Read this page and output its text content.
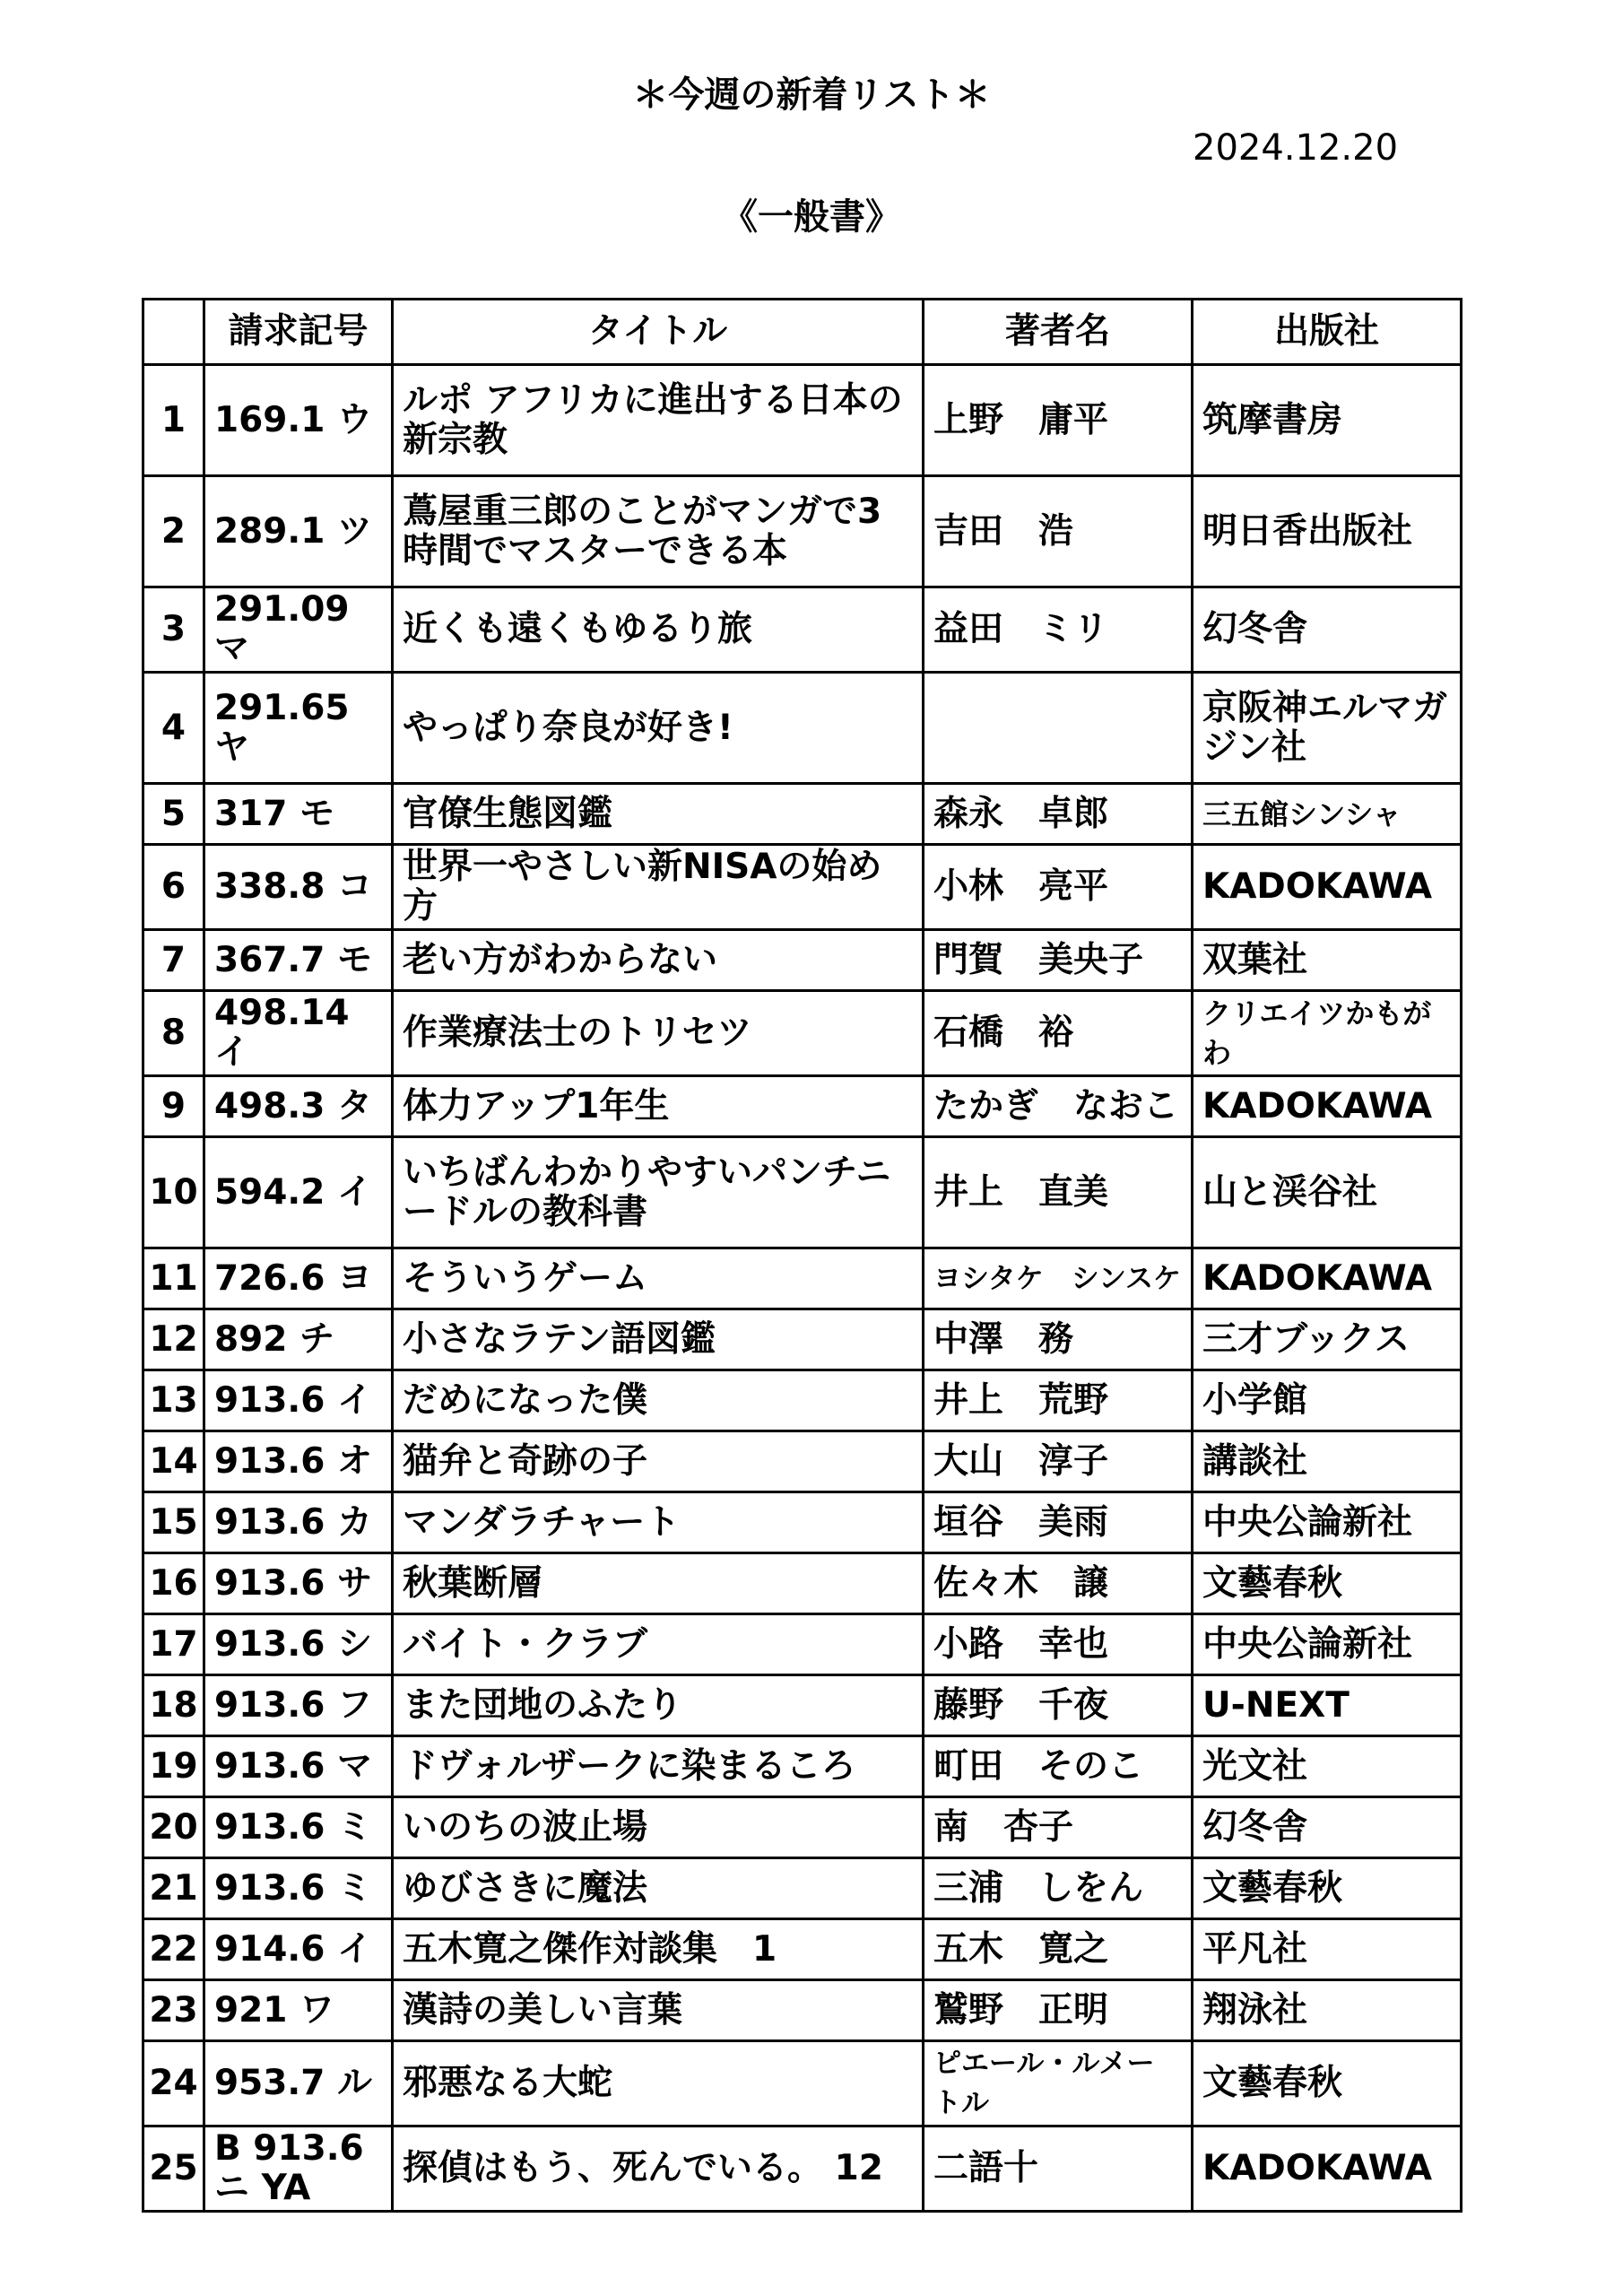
＊今週の新着リスト＊
2024.12.20
《一般書》
	請求記号	タイトル	著者名	出版社
1	169.1 ウ	ルポ アフリカに進出する日本の新宗教	上野　庸平	筑摩書房
2	289.1 ツ	蔦屋重三郎のことがマンガで3時間でマスターできる本	吉田　浩	明日香出版社
3	291.09 マ	近くも遠くもゆるり旅	益田　ミリ	幻冬舎
4	291.65 ヤ	やっぱり奈良が好き!		京阪神エルマガジン社
5	317 モ	官僚生態図鑑	森永　卓郎	三五館シンシャ
6	338.8 コ	世界一やさしい新NISAの始め方	小林　亮平	KADOKAWA
7	367.7 モ	老い方がわからない	門賀　美央子	双葉社
8	498.14 イ	作業療法士のトリセツ	石橋　裕	クリエイツかもがわ
9	498.3 タ	体力アップ1年生	たかぎ　なおこ	KADOKAWA
10	594.2 イ	いちばんわかりやすいパンチニードルの教科書	井上　直美	山と渓谷社
11	726.6 ヨ	そういうゲーム	ヨシタケ　シンスケ	KADOKAWA
12	892 チ	小さなラテン語図鑑	中澤　務	三才ブックス
13	913.6 イ	だめになった僕	井上　荒野	小学館
14	913.6 オ	猫弁と奇跡の子	大山　淳子	講談社
15	913.6 カ	マンダラチャート	垣谷　美雨	中央公論新社
16	913.6 サ	秋葉断層	佐々木　譲	文藝春秋
17	913.6 シ	バイト・クラブ	小路　幸也	中央公論新社
18	913.6 フ	また団地のふたり	藤野　千夜	U-NEXT
19	913.6 マ	ドヴォルザークに染まるころ	町田　そのこ	光文社
20	913.6 ミ	いのちの波止場	南　杏子	幻冬舎
21	913.6 ミ	ゆびさきに魔法	三浦　しをん	文藝春秋
22	914.6 イ	五木寛之傑作対談集　1	五木　寛之	平凡社
23	921 ワ	漢詩の美しい言葉	鷲野　正明	翔泳社
24	953.7 ル	邪悪なる大蛇	ピエール・ルメートル	文藝春秋
25	B 913.6 ニ YA	探偵はもう、死んでいる。 12	二語十	KADOKAWA
